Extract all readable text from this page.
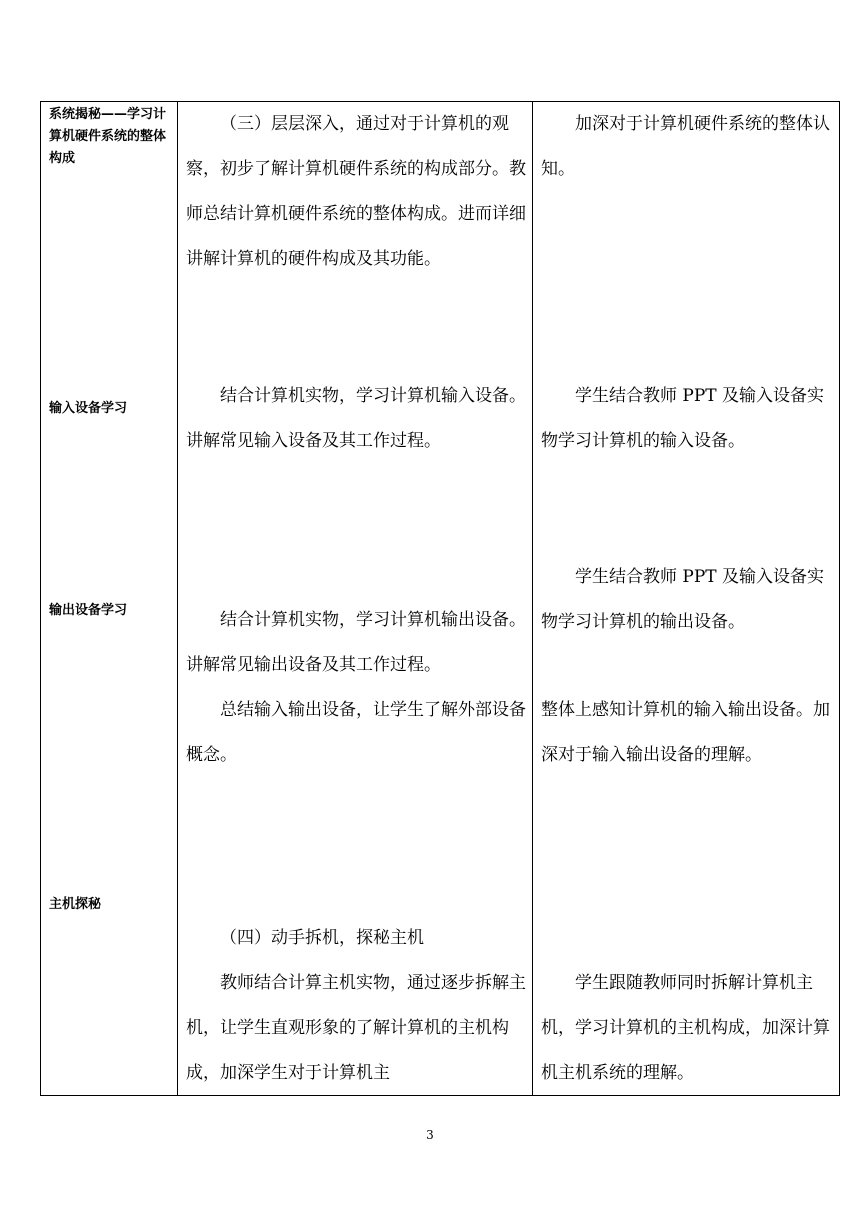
系统揭秘——学习计算机硬件系统的整体构成

（三）层层深入，通过对于计算机的观察，初步了解计算机硬件系统的构成部分。教师总结计算机硬件系统的整体构成。进而详细讲解计算机的硬件构成及其功能。

加深对于计算机硬件系统的整体认知。

输入设备学习

结合计算机实物，学习计算机输入设备。讲解常见输入设备及其工作过程。

学生结合教师 PPT 及输入设备实物学习计算机的输入设备。

输出设备学习	结合计算机实物，学习计算机输出设备。讲解常见输出设备及其工作过程。

总结输入输出设备，让学生了解外部设备概念。

学生结合教师 PPT 及输入设备实物学习计算机的输出设备。

整体上感知计算机的输入输出设备。加深对于输入输出设备的理解。

主机探秘

（四）动手拆机，探秘主机

教师结合计算主机实物，通过逐步拆解主机，让学生直观形象的了解计算机的主机构成，加深学生对于计算机主

学生跟随教师同时拆解计算机主机，学习计算机的主机构成，加深计算机主机系统的理解。

3
